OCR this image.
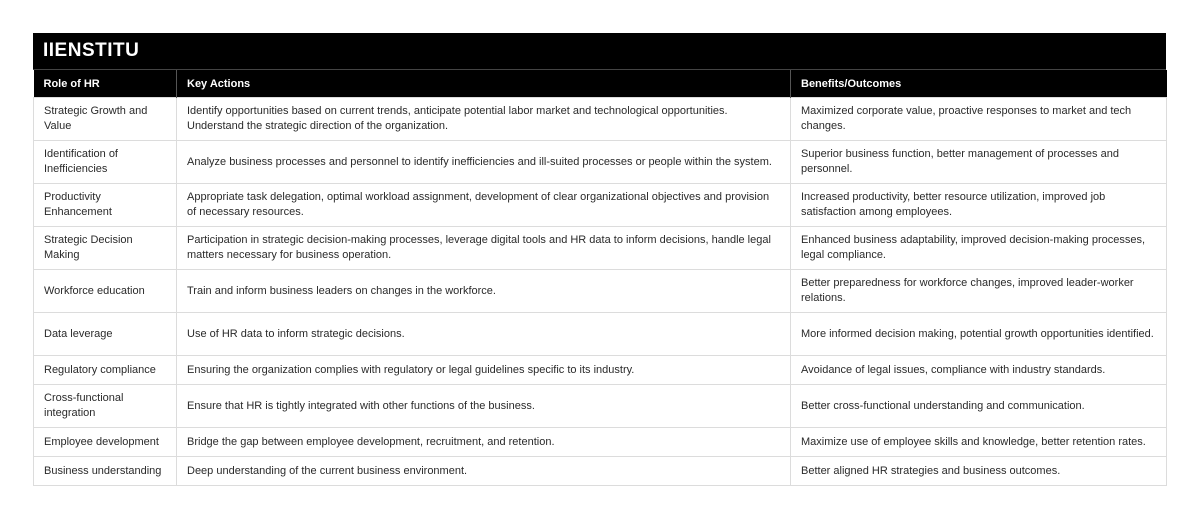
IIENSTITU
Role of HR	Key Actions	Benefits/Outcomes
Strategic Growth and Value	Identify opportunities based on current trends, anticipate potential labor market and technological opportunities. Understand the strategic direction of the organization.	Maximized corporate value, proactive responses to market and tech changes.
Identification of Inefficiencies	Analyze business processes and personnel to identify inefficiencies and ill-suited processes or people within the system.	Superior business function, better management of processes and personnel.
Productivity Enhancement	Appropriate task delegation, optimal workload assignment, development of clear organizational objectives and provision of necessary resources.	Increased productivity, better resource utilization, improved job satisfaction among employees.
Strategic Decision Making	Participation in strategic decision-making processes, leverage digital tools and HR data to inform decisions, handle legal matters necessary for business operation.	Enhanced business adaptability, improved decision-making processes, legal compliance.
Workforce education	Train and inform business leaders on changes in the workforce.	Better preparedness for workforce changes, improved leader-worker relations.
Data leverage	Use of HR data to inform strategic decisions.	More informed decision making, potential growth opportunities identified.
Regulatory compliance	Ensuring the organization complies with regulatory or legal guidelines specific to its industry.	Avoidance of legal issues, compliance with industry standards.
Cross-functional integration	Ensure that HR is tightly integrated with other functions of the business.	Better cross-functional understanding and communication.
Employee development	Bridge the gap between employee development, recruitment, and retention.	Maximize use of employee skills and knowledge, better retention rates.
Business understanding	Deep understanding of the current business environment.	Better aligned HR strategies and business outcomes.
